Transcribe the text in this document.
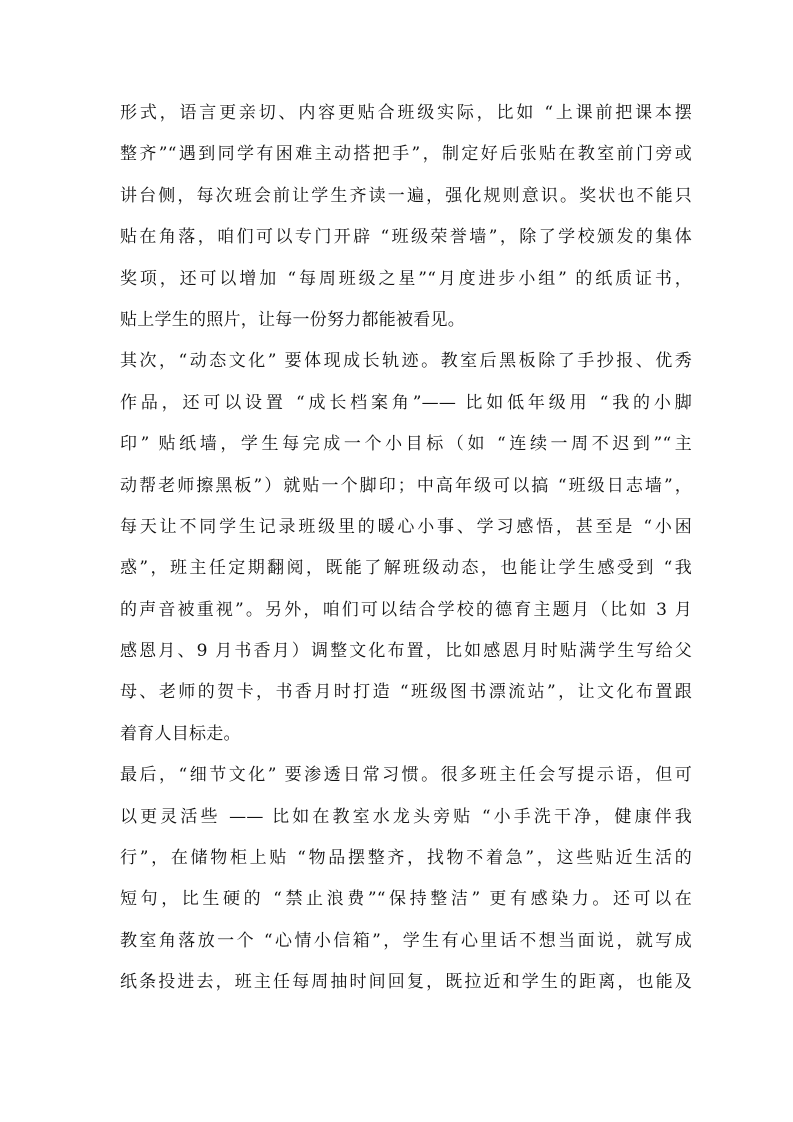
形式，语言更亲切、内容更贴合班级实际，比如 “上课前把课本摆
整齐”“遇到同学有困难主动搭把手”，制定好后张贴在教室前门旁或
讲台侧，每次班会前让学生齐读一遍，强化规则意识。奖状也不能只
贴在角落，咱们可以专门开辟 “班级荣誉墙”，除了学校颁发的集体
奖项，还可以增加 “每周班级之星”“月度进步小组” 的纸质证书，
贴上学生的照片，让每一份努力都能被看见。
其次，“动态文化” 要体现成长轨迹。教室后黑板除了手抄报、优秀
作品，还可以设置 “成长档案角”—— 比如低年级用 “我的小脚
印” 贴纸墙，学生每完成一个小目标（如 “连续一周不迟到”“主
动帮老师擦黑板”）就贴一个脚印；中高年级可以搞 “班级日志墙”，
每天让不同学生记录班级里的暖心小事、学习感悟，甚至是 “小困
惑”，班主任定期翻阅，既能了解班级动态，也能让学生感受到 “我
的声音被重视”。另外，咱们可以结合学校的德育主题月（比如 3 月
感恩月、9 月书香月）调整文化布置，比如感恩月时贴满学生写给父
母、老师的贺卡，书香月时打造 “班级图书漂流站”，让文化布置跟
着育人目标走。
最后，“细节文化” 要渗透日常习惯。很多班主任会写提示语，但可
以更灵活些 —— 比如在教室水龙头旁贴 “小手洗干净，健康伴我
行”，在储物柜上贴 “物品摆整齐，找物不着急”，这些贴近生活的
短句，比生硬的 “禁止浪费”“保持整洁” 更有感染力。还可以在
教室角落放一个 “心情小信箱”，学生有心里话不想当面说，就写成
纸条投进去，班主任每周抽时间回复，既拉近和学生的距离，也能及
